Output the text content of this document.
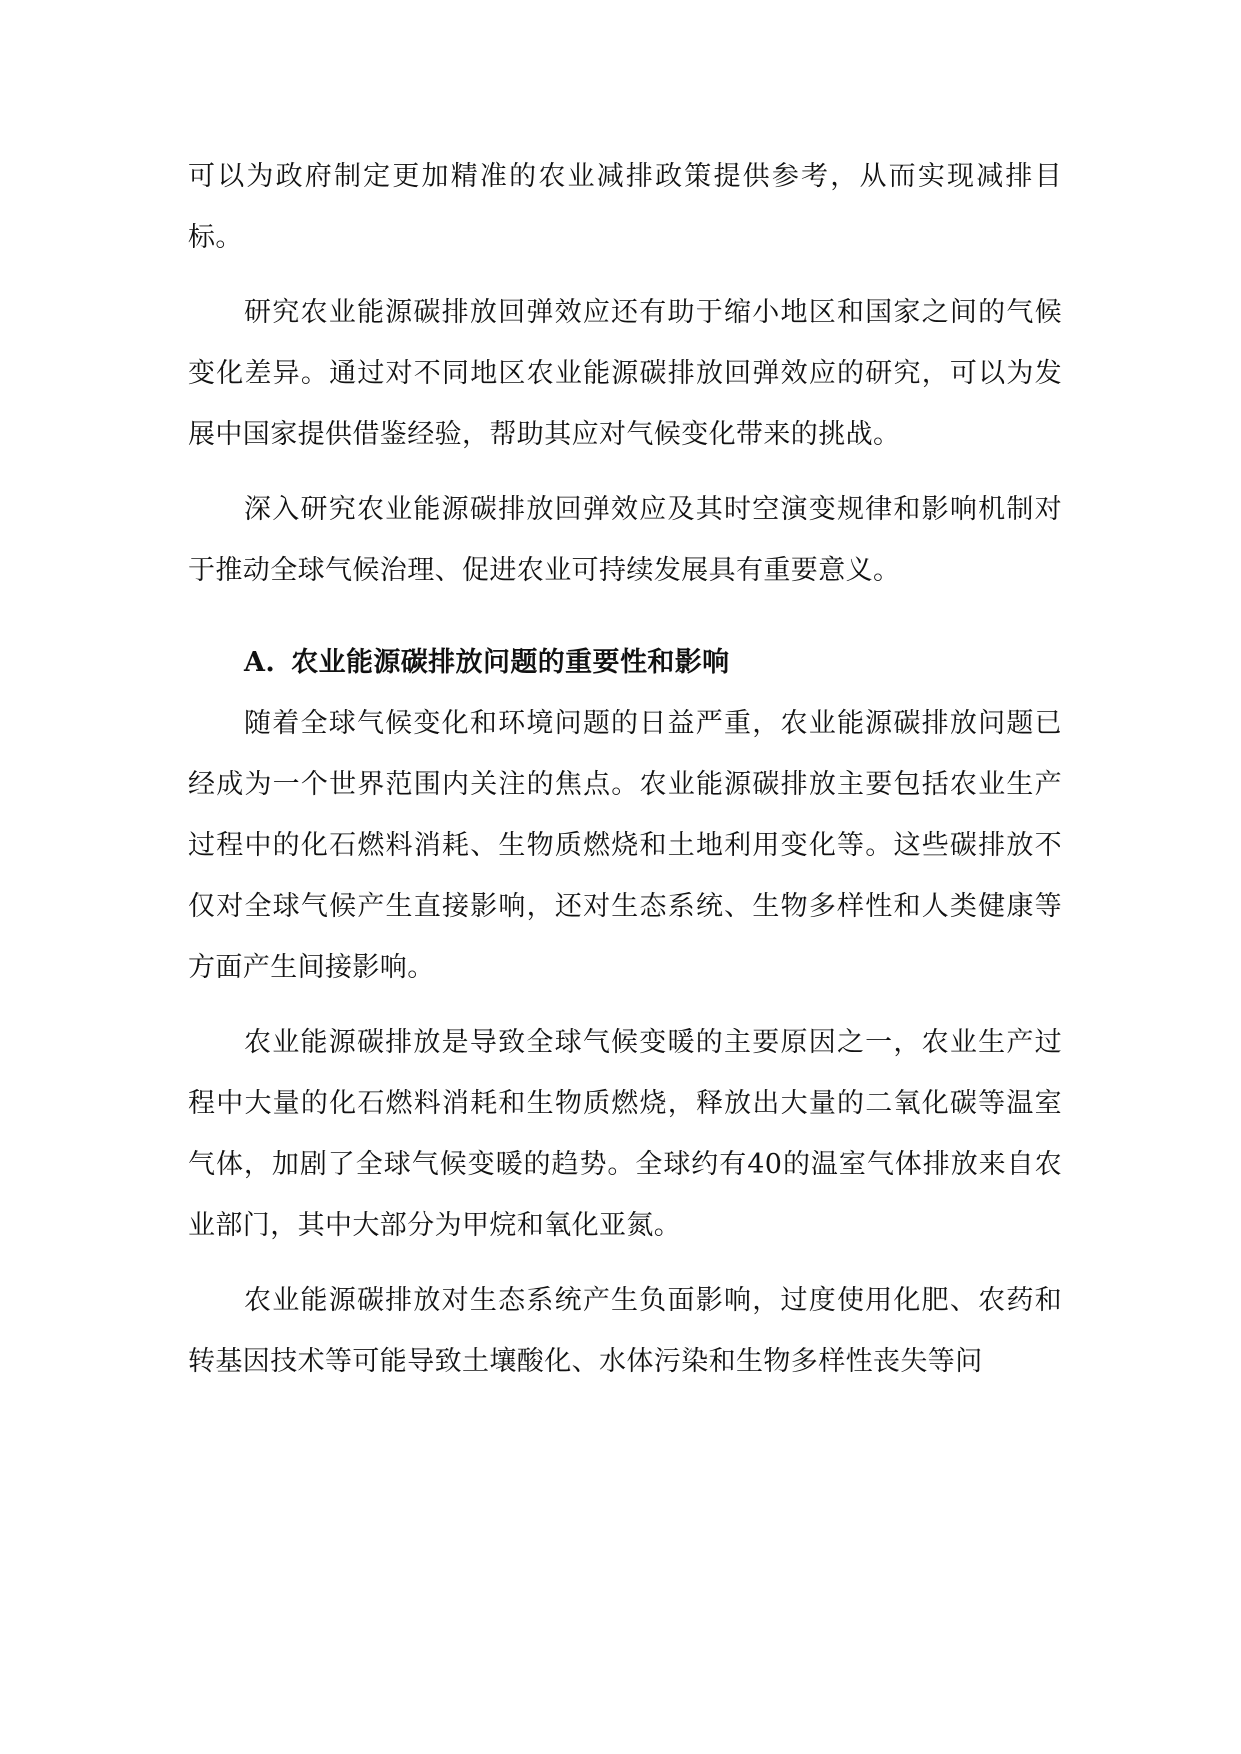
可以为政府制定更加精准的农业减排政策提供参考，从而实现减排目标。

研究农业能源碳排放回弹效应还有助于缩小地区和国家之间的气候变化差异。通过对不同地区农业能源碳排放回弹效应的研究，可以为发展中国家提供借鉴经验，帮助其应对气候变化带来的挑战。

深入研究农业能源碳排放回弹效应及其时空演变规律和影响机制对于推动全球气候治理、促进农业可持续发展具有重要意义。

A. 农业能源碳排放问题的重要性和影响

随着全球气候变化和环境问题的日益严重，农业能源碳排放问题已经成为一个世界范围内关注的焦点。农业能源碳排放主要包括农业生产过程中的化石燃料消耗、生物质燃烧和土地利用变化等。这些碳排放不仅对全球气候产生直接影响，还对生态系统、生物多样性和人类健康等方面产生间接影响。

农业能源碳排放是导致全球气候变暖的主要原因之一，农业生产过程中大量的化石燃料消耗和生物质燃烧，释放出大量的二氧化碳等温室气体，加剧了全球气候变暖的趋势。全球约有40的温室气体排放来自农业部门，其中大部分为甲烷和氧化亚氮。

农业能源碳排放对生态系统产生负面影响，过度使用化肥、农药和转基因技术等可能导致土壤酸化、水体污染和生物多样性丧失等问
